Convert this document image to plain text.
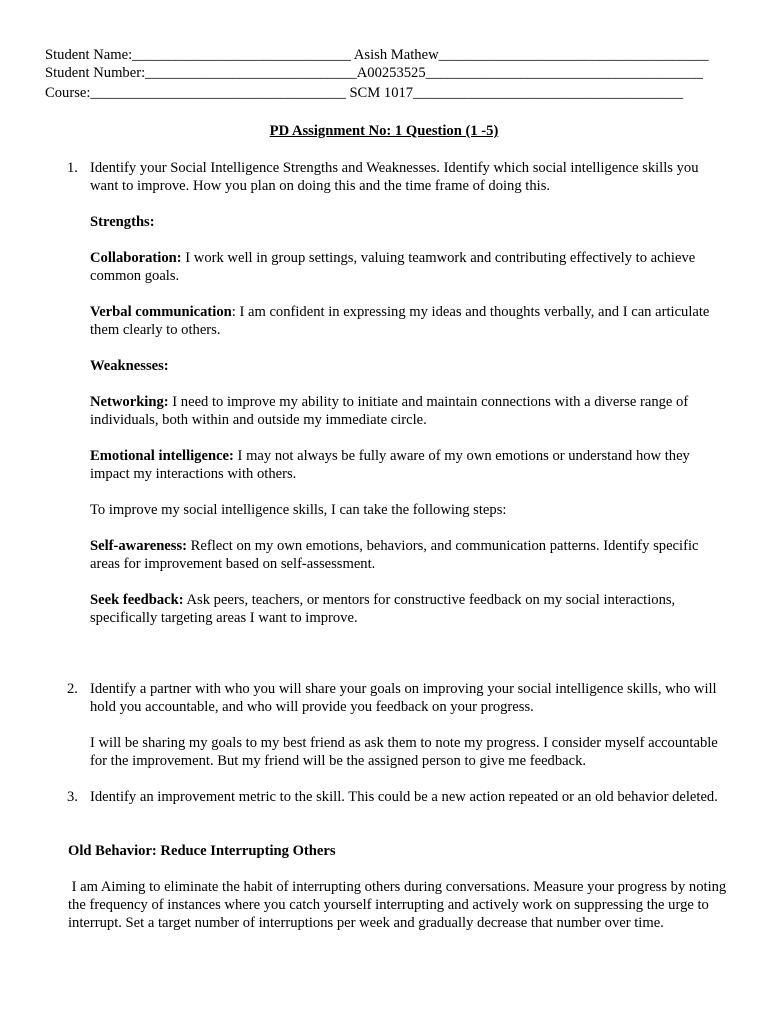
Student Name:______________________________ Asish Mathew_____________________________________
Student Number:_____________________________A00253525______________________________________
Course:___________________________________ SCM 1017_____________________________________
PD Assignment No: 1 Question (1 -5)
1. Identify your Social Intelligence Strengths and Weaknesses. Identify which social intelligence skills you want to improve. How you plan on doing this and the time frame of doing this.
Strengths:
Collaboration: I work well in group settings, valuing teamwork and contributing effectively to achieve common goals.
Verbal communication: I am confident in expressing my ideas and thoughts verbally, and I can articulate them clearly to others.
Weaknesses:
Networking: I need to improve my ability to initiate and maintain connections with a diverse range of individuals, both within and outside my immediate circle.
Emotional intelligence: I may not always be fully aware of my own emotions or understand how they impact my interactions with others.
To improve my social intelligence skills, I can take the following steps:
Self-awareness: Reflect on my own emotions, behaviors, and communication patterns. Identify specific areas for improvement based on self-assessment.
Seek feedback: Ask peers, teachers, or mentors for constructive feedback on my social interactions, specifically targeting areas I want to improve.
2. Identify a partner with who you will share your goals on improving your social intelligence skills, who will hold you accountable, and who will provide you feedback on your progress.
I will be sharing my goals to my best friend as ask them to note my progress. I consider myself accountable for the improvement. But my friend will be the assigned person to give me feedback.
3. Identify an improvement metric to the skill. This could be a new action repeated or an old behavior deleted.
Old Behavior: Reduce Interrupting Others
I am Aiming to eliminate the habit of interrupting others during conversations. Measure your progress by noting the frequency of instances where you catch yourself interrupting and actively work on suppressing the urge to interrupt. Set a target number of interruptions per week and gradually decrease that number over time.
